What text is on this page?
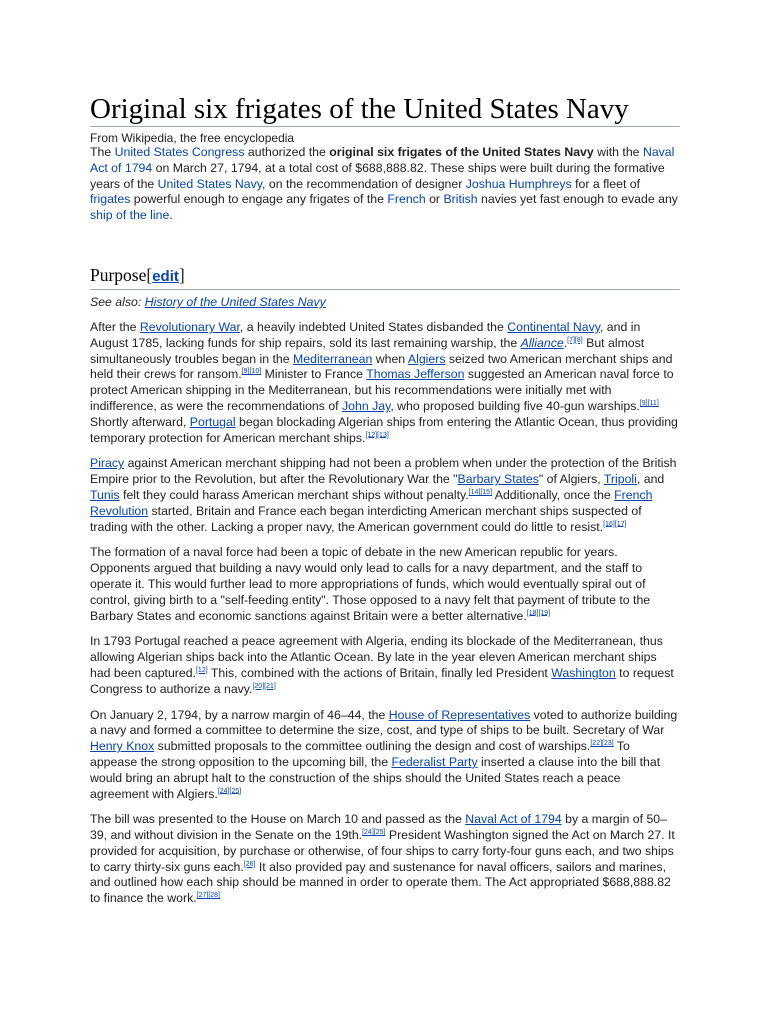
Original six frigates of the United States Navy
From Wikipedia, the free encyclopedia

The United States Congress authorized the original six frigates of the United States Navy with the Naval Act of 1794 on March 27, 1794, at a total cost of $688,888.82. These ships were built during the formative years of the United States Navy, on the recommendation of designer Joshua Humphreys for a fleet of frigates powerful enough to engage any frigates of the French or British navies yet fast enough to evade any ship of the line.

Purpose[edit]
See also: History of the United States Navy

After the Revolutionary War, a heavily indebted United States disbanded the Continental Navy, and in August 1785, lacking funds for ship repairs, sold its last remaining warship, the Alliance.[7][8] But almost simultaneously troubles began in the Mediterranean when Algiers seized two American merchant ships and held their crews for ransom.[9][10] Minister to France Thomas Jefferson suggested an American naval force to protect American shipping in the Mediterranean, but his recommendations were initially met with indifference, as were the recommendations of John Jay, who proposed building five 40-gun warships.[9][11] Shortly afterward, Portugal began blockading Algerian ships from entering the Atlantic Ocean, thus providing temporary protection for American merchant ships.[12][13]

Piracy against American merchant shipping had not been a problem when under the protection of the British Empire prior to the Revolution, but after the Revolutionary War the "Barbary States" of Algiers, Tripoli, and Tunis felt they could harass American merchant ships without penalty.[14][15] Additionally, once the French Revolution started, Britain and France each began interdicting American merchant ships suspected of trading with the other. Lacking a proper navy, the American government could do little to resist.[16][17]

The formation of a naval force had been a topic of debate in the new American republic for years. Opponents argued that building a navy would only lead to calls for a navy department, and the staff to operate it. This would further lead to more appropriations of funds, which would eventually spiral out of control, giving birth to a "self-feeding entity". Those opposed to a navy felt that payment of tribute to the Barbary States and economic sanctions against Britain were a better alternative.[18][19]

In 1793 Portugal reached a peace agreement with Algeria, ending its blockade of the Mediterranean, thus allowing Algerian ships back into the Atlantic Ocean. By late in the year eleven American merchant ships had been captured.[12] This, combined with the actions of Britain, finally led President Washington to request Congress to authorize a navy.[20][21]

On January 2, 1794, by a narrow margin of 46–44, the House of Representatives voted to authorize building a navy and formed a committee to determine the size, cost, and type of ships to be built. Secretary of War Henry Knox submitted proposals to the committee outlining the design and cost of warships.[22][23] To appease the strong opposition to the upcoming bill, the Federalist Party inserted a clause into the bill that would bring an abrupt halt to the construction of the ships should the United States reach a peace agreement with Algiers.[24][25]

The bill was presented to the House on March 10 and passed as the Naval Act of 1794 by a margin of 50–39, and without division in the Senate on the 19th.[24][25] President Washington signed the Act on March 27. It provided for acquisition, by purchase or otherwise, of four ships to carry forty-four guns each, and two ships to carry thirty-six guns each.[26] It also provided pay and sustenance for naval officers, sailors and marines, and outlined how each ship should be manned in order to operate them. The Act appropriated $688,888.82 to finance the work.[27][28]
